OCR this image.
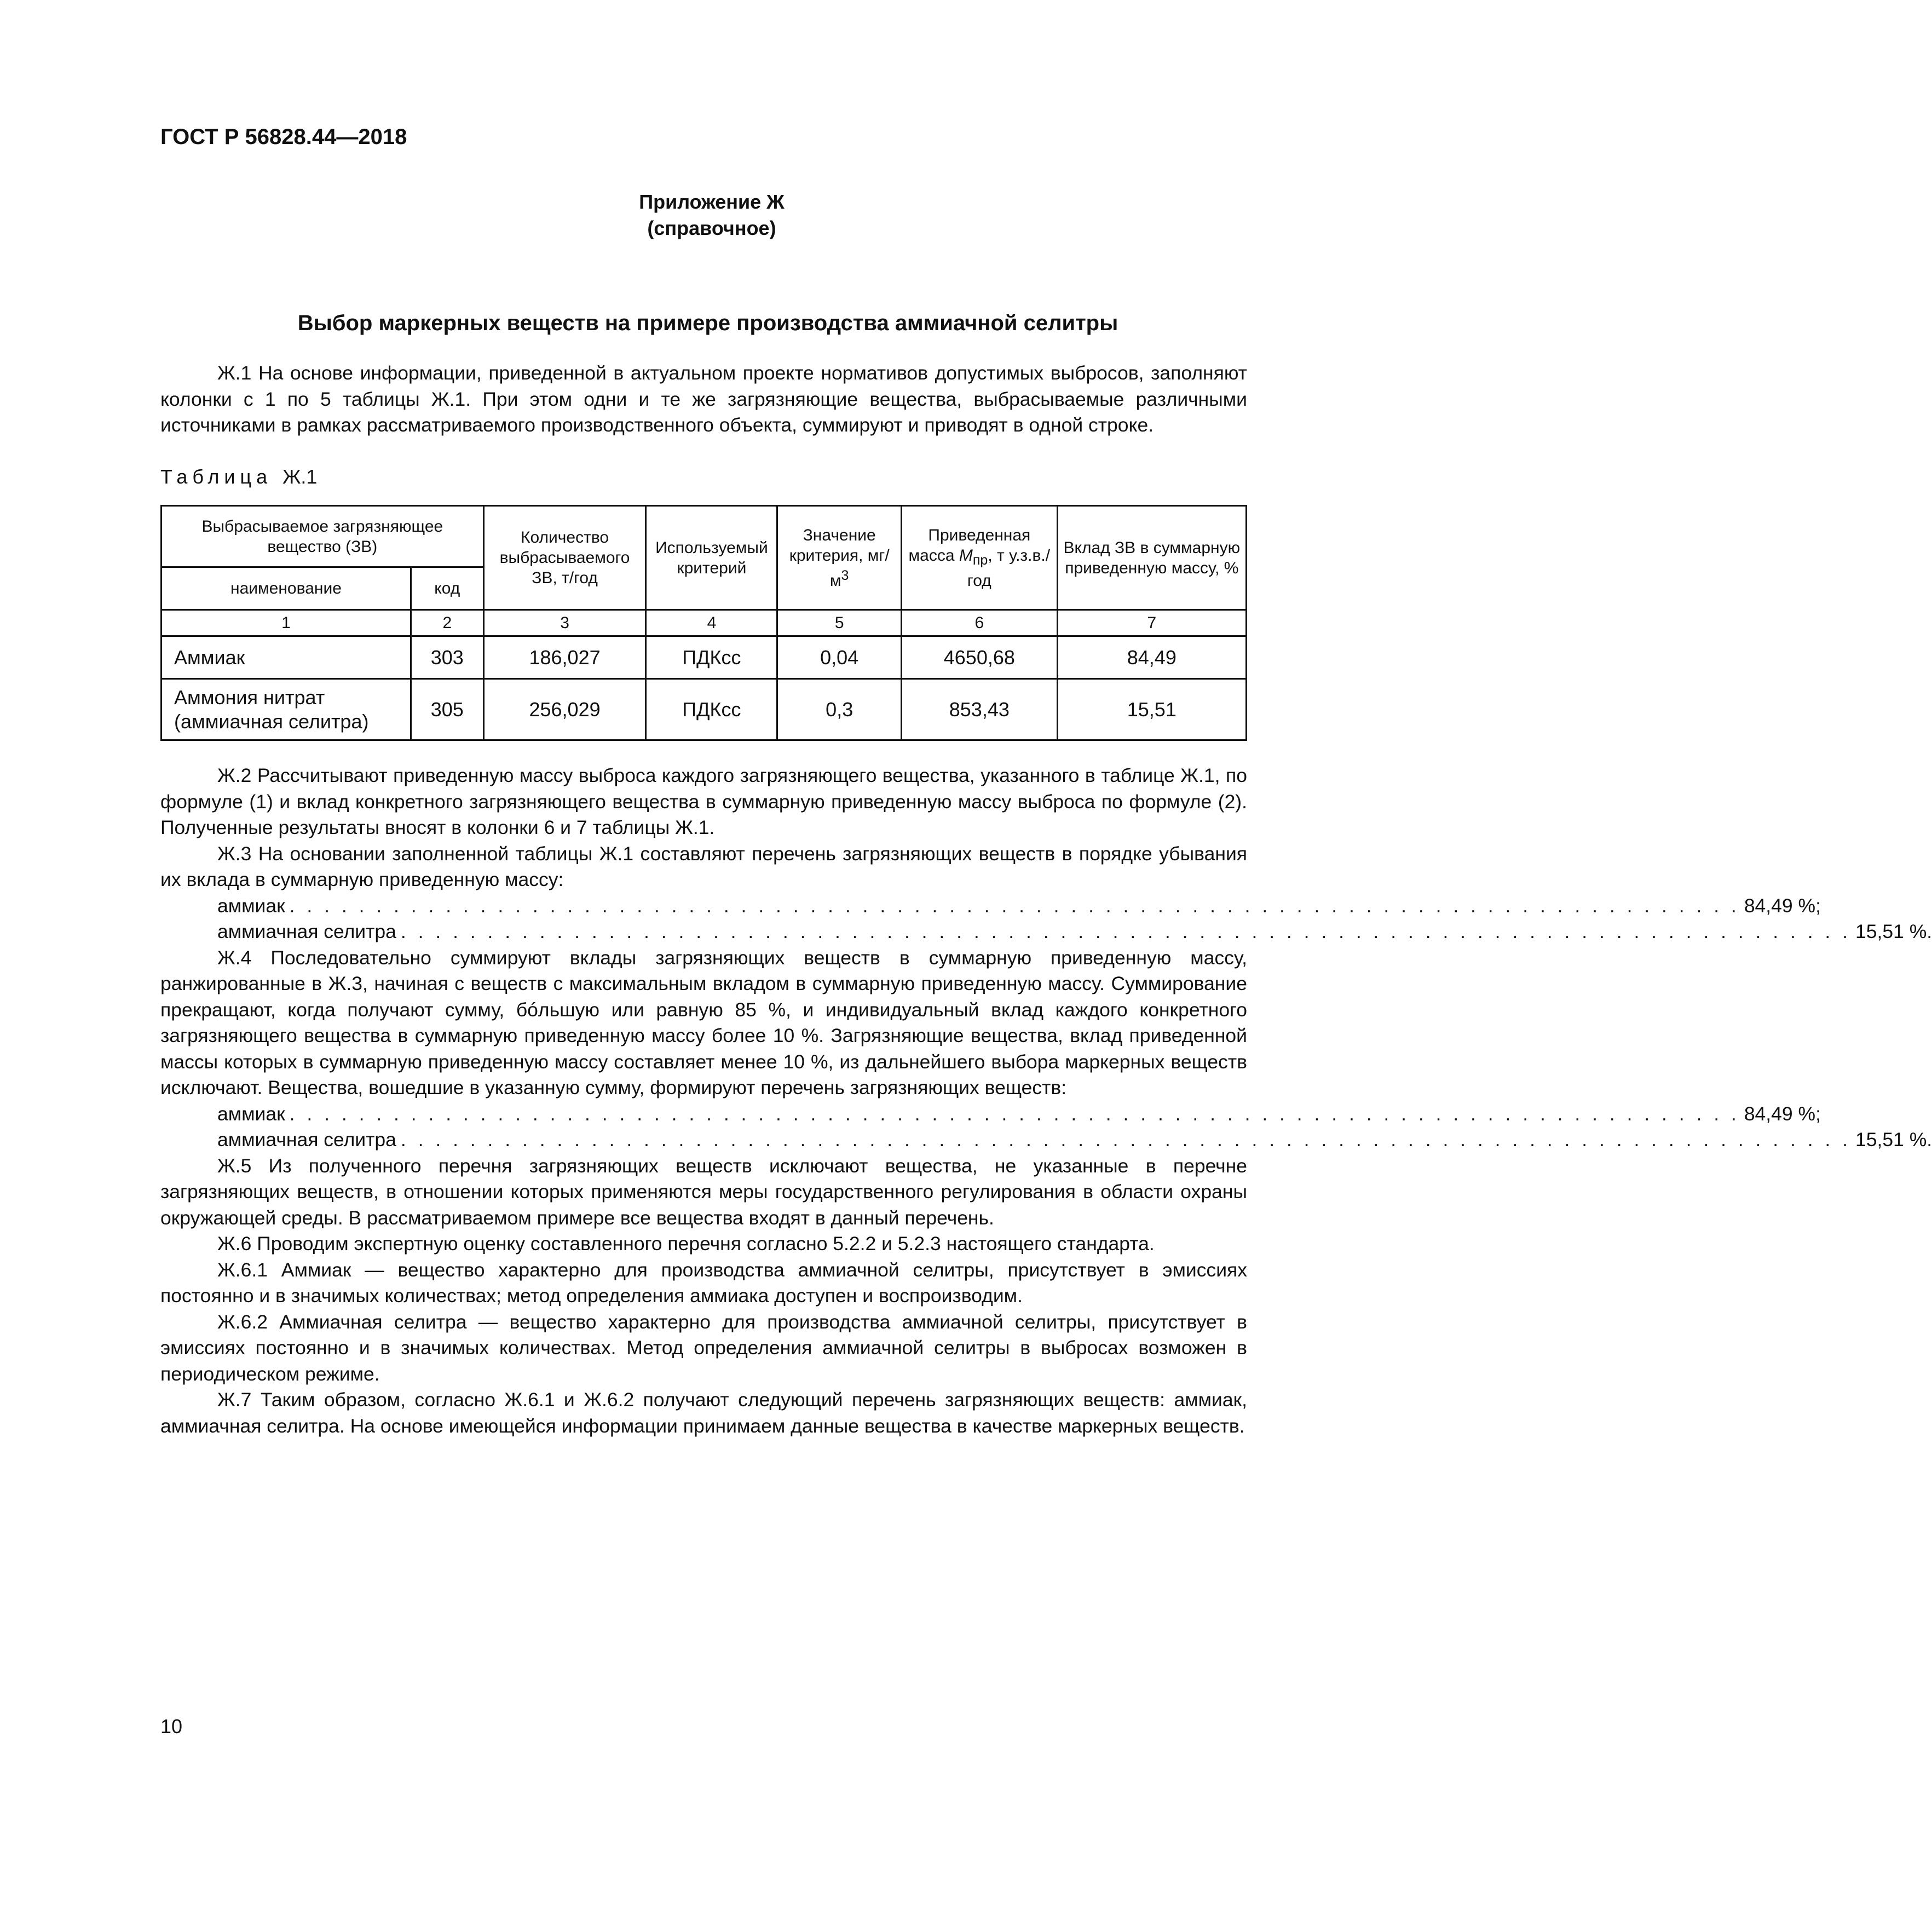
ГОСТ Р 56828.44—2018
Приложение Ж
(справочное)
Выбор маркерных веществ на примере производства аммиачной селитры

Ж.1 На основе информации, приведенной в актуальном проекте нормативов допустимых выбросов, заполняют колонки с 1 по 5 таблицы Ж.1. При этом одни и те же загрязняющие вещества, выбрасываемые различными источниками в рамках рассматриваемого производственного объекта, суммируют и приводят в одной строке.

Таблица Ж.1
Выбрасываемое загрязняющее вещество (ЗВ)		Количество выбрасываемого ЗВ, т/год	Используемый критерий	Значение критерия, $мг/м^3$	Приведенная масса $М_{пр}$, т у.з.в./год	Вклад ЗВ в суммарную приведенную массу, %
наименование	код					
1	2	3	4	5	6	7
Аммиак	303	186,027	ПДКсс	0,04	4650,68	84,49
Аммония нитрат (аммиачная селитра)	305	256,029	ПДКсс	0,3	853,43	15,51

Ж.2 Рассчитывают приведенную массу выброса каждого загрязняющего вещества, указанного в таблице Ж.1, по формуле (1) и вклад конкретного загрязняющего вещества в суммарную приведенную массу выброса по формуле (2). Полученные результаты вносят в колонки 6 и 7 таблицы Ж.1.

Ж.3 На основании заполненной таблицы Ж.1 составляют перечень загрязняющих веществ в порядке убывания их вклада в суммарную приведенную массу:

аммиак . . . . . . . . . . . . . . . . . . . . . . . . . . . . . . . . . . . . . . . . . . . . . . . . . . . . . . . . . . . . . . . . . . . . . . . . . . . . . . . . . . . . 84,49 %;
аммиачная селитра . . . . . . . . . . . . . . . . . . . . . . . . . . . . . . . . . . . . . . . . . . . . . . . . . . . . . . . . . . . . . . . . . . . . . . . . . . . . . . . . . . . . 15,51 %.

Ж.4 Последовательно суммируют вклады загрязняющих веществ в суммарную приведенную массу, ранжированные в Ж.3, начиная с веществ с максимальным вкладом в суммарную приведенную массу. Суммирование прекращают, когда получают сумму, бóльшую или равную 85 %, и индивидуальный вклад каждого конкретного загрязняющего вещества в суммарную приведенную массу более 10 %. Загрязняющие вещества, вклад приведенной массы которых в суммарную приведенную массу составляет менее 10 %, из дальнейшего выбора маркерных веществ исключают. Вещества, вошедшие в указанную сумму, формируют перечень загрязняющих веществ:

аммиак . . . . . . . . . . . . . . . . . . . . . . . . . . . . . . . . . . . . . . . . . . . . . . . . . . . . . . . . . . . . . . . . . . . . . . . . . . . . . . . . . . . . 84,49 %;
аммиачная селитра . . . . . . . . . . . . . . . . . . . . . . . . . . . . . . . . . . . . . . . . . . . . . . . . . . . . . . . . . . . . . . . . . . . . . . . . . . . . . . . . . . . . 15,51 %.

Ж.5 Из полученного перечня загрязняющих веществ исключают вещества, не указанные в перечне загрязняющих веществ, в отношении которых применяются меры государственного регулирования в области охраны окружающей среды. В рассматриваемом примере все вещества входят в данный перечень.

Ж.6 Проводим экспертную оценку составленного перечня согласно 5.2.2 и 5.2.3 настоящего стандарта.

Ж.6.1 Аммиак — вещество характерно для производства аммиачной селитры, присутствует в эмиссиях постоянно и в значимых количествах; метод определения аммиака доступен и воспроизводим.

Ж.6.2 Аммиачная селитра — вещество характерно для производства аммиачной селитры, присутствует в эмиссиях постоянно и в значимых количествах. Метод определения аммиачной селитры в выбросах возможен в периодическом режиме.

Ж.7 Таким образом, согласно Ж.6.1 и Ж.6.2 получают следующий перечень загрязняющих веществ: аммиак, аммиачная селитра. На основе имеющейся информации принимаем данные вещества в качестве маркерных веществ.

10
